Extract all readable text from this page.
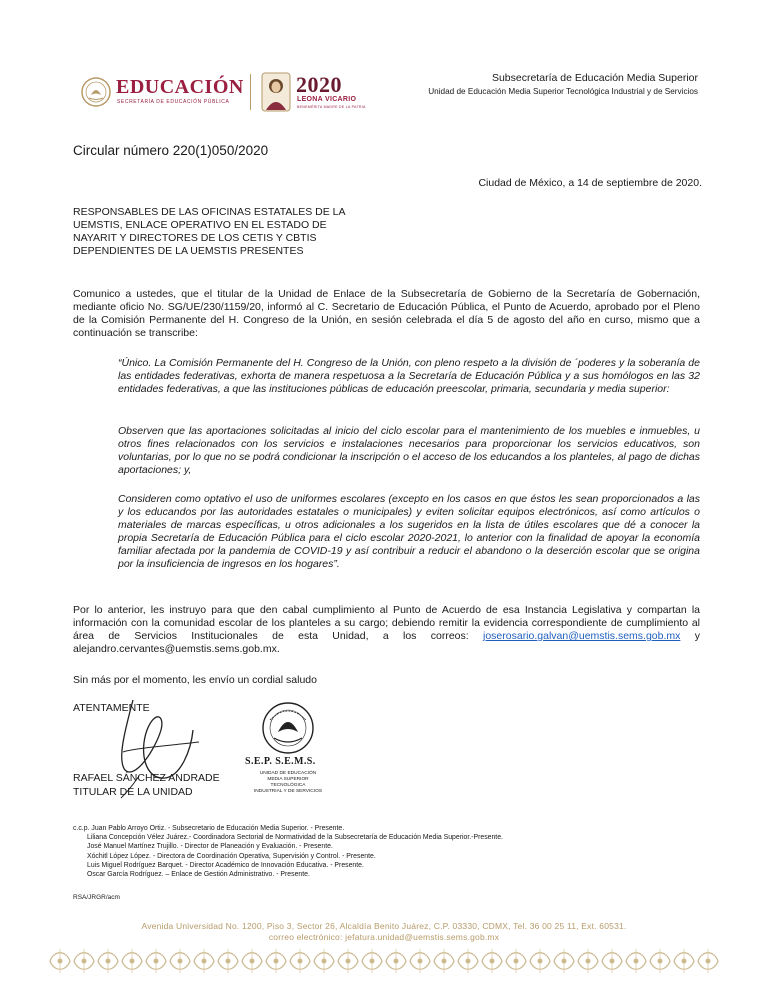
EDUCACIÓN
SECRETARÍA DE EDUCACIÓN PÚBLICA
2020
LEONA VICARIO
BENEMÉRITA MADRE DE LA PATRIA
Subsecretaría de Educación Media Superior
Unidad de Educación Media Superior Tecnológica Industrial y de Servicios
Circular número 220(1)050/2020
Ciudad de México, a 14 de septiembre de 2020.
RESPONSABLES DE LAS OFICINAS ESTATALES DE LA UEMSTIS, ENLACE OPERATIVO EN EL ESTADO DE NAYARIT Y DIRECTORES DE LOS CETIS Y CBTIS DEPENDIENTES DE LA UEMSTIS PRESENTES
Comunico a ustedes, que el titular de la Unidad de Enlace de la Subsecretaría de Gobierno de la Secretaría de Gobernación, mediante oficio No. SG/UE/230/1159/20, informó al C. Secretario de Educación Pública, el Punto de Acuerdo, aprobado por el Pleno de la Comisión Permanente del H. Congreso de la Unión, en sesión celebrada el día 5 de agosto del año en curso, mismo que a continuación se transcribe:
“Único. La Comisión Permanente del H. Congreso de la Unión, con pleno respeto a la división de ´poderes y la soberanía de las entidades federativas, exhorta de manera respetuosa a la Secretaría de Educación Pública y a sus homólogos en las 32 entidades federativas, a que las instituciones públicas de educación preescolar, primaria, secundaria y media superior:
Observen que las aportaciones solicitadas al inicio del ciclo escolar para el mantenimiento de los muebles e inmuebles, u otros fines relacionados con los servicios e instalaciones necesarios para proporcionar los servicios educativos, son voluntarias, por lo que no se podrá condicionar la inscripción o el acceso de los educandos a los planteles, al pago de dichas aportaciones; y,
Consideren como optativo el uso de uniformes escolares (excepto en los casos en que éstos les sean proporcionados a las y los educandos por las autoridades estatales o municipales) y eviten solicitar equipos electrónicos, así como artículos o materiales de marcas específicas, u otros adicionales a los sugeridos en la lista de útiles escolares que dé a conocer la propia Secretaría de Educación Pública para el ciclo escolar 2020-2021, lo anterior con la finalidad de apoyar la economía familiar afectada por la pandemia de COVID-19 y así contribuir a reducir el abandono o la deserción escolar que se origina por la insuficiencia de ingresos en los hogares”.
Por lo anterior, les instruyo para que den cabal cumplimiento al Punto de Acuerdo de esa Instancia Legislativa y compartan la información con la comunidad escolar de los planteles a su cargo; debiendo remitir la evidencia correspondiente de cumplimiento al área de Servicios Institucionales de esta Unidad, a los correos: joserosario.galvan@uemstis.sems.gob.mx y alejandro.cervantes@uemstis.sems.gob.mx.
Sin más por el momento, les envío un cordial saludo
ATENTAMENTE
RAFAEL SÁNCHEZ ANDRADE
TITULAR DE LA UNIDAD
S.E.P. S.E.M.S.
UNIDAD DE EDUCACIÓN
MEDIA SUPERIOR TECNOLÓGICA
INDUSTRIAL Y DE SERVICIOS
c.c.p. Juan Pablo Arroyo Ortiz. - Subsecretario de Educación Media Superior. - Presente.
Liliana Concepción Vélez Juárez.- Coordinadora Sectorial de Normatividad de la Subsecretaría de Educación Media Superior.-Presente.
José Manuel Martínez Trujillo. - Director de Planeación y Evaluación. - Presente.
Xóchitl López López. - Directora de Coordinación Operativa, Supervisión y Control. - Presente.
Luis Miguel Rodríguez Barquet. - Director Académico de Innovación Educativa. - Presente.
Oscar García Rodríguez. – Enlace de Gestión Administrativo. - Presente.
RSA/JRGR/acm
Avenida Universidad No. 1200, Piso 3, Sector 26, Alcaldía Benito Juárez, C.P. 03330, CDMX, Tel. 36 00 25 11, Ext. 60531.
correo electrónico: jefatura.unidad@uemstis.sems.gob.mx
